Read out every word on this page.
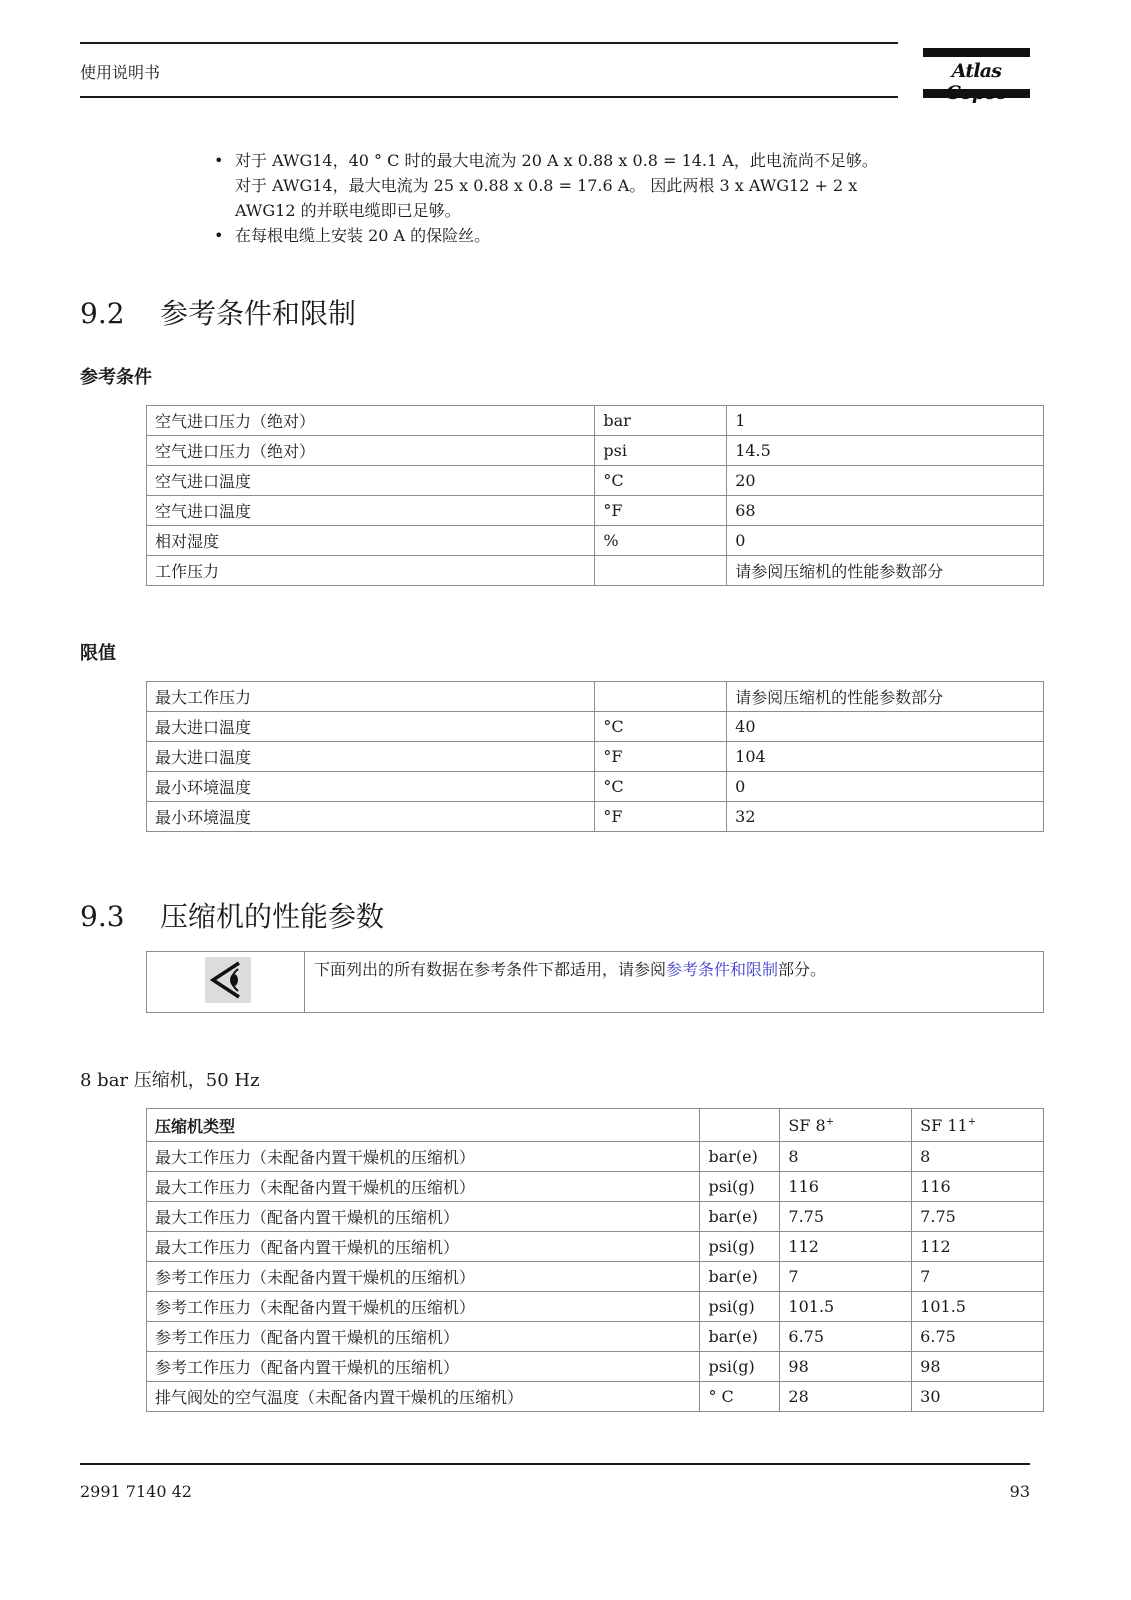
使用说明书	Atlas
• 对于 AWG14，40 ° C 时的最大电流为 20 A x 0.88 x 0.8 = 14.1 A，此电流尚不足够。
对于 AWG14，最大电流为 25 x 0.88 x 0.8 = 17.6 A。 因此两根 3 x AWG12 + 2 x
AWG12 的并联电缆即已足够。
• 在每根电缆上安装 20 A 的保险丝。
9.2	参考条件和限制
参考条件
空气进口压力（绝对）	bar	1
空气进口压力（绝对）	psi	14.5
空气进口温度	°C	20
空气进口温度	°F	68
相对湿度	%	0
工作压力		请参阅压缩机的性能参数部分
限值
最大工作压力		请参阅压缩机的性能参数部分
最大进口温度	°C	40
最大进口温度	°F	104
最小环境温度	°C	0
最小环境温度	°F	32
9.3	压缩机的性能参数
下面列出的所有数据在参考条件下都适用，请参阅参考条件和限制部分。
8 bar 压缩机，50 Hz
压缩机类型		SF 8+	SF 11+
最大工作压力（未配备内置干燥机的压缩机）	bar(e)	8	8
最大工作压力（未配备内置干燥机的压缩机）	psi(g)	116	116
最大工作压力（配备内置干燥机的压缩机）	bar(e)	7.75	7.75
最大工作压力（配备内置干燥机的压缩机）	psi(g)	112	112
参考工作压力（未配备内置干燥机的压缩机）	bar(e)	7	7
参考工作压力（未配备内置干燥机的压缩机）	psi(g)	101.5	101.5
参考工作压力（配备内置干燥机的压缩机）	bar(e)	6.75	6.75
参考工作压力（配备内置干燥机的压缩机）	psi(g)	98	98
排气阀处的空气温度（未配备内置干燥机的压缩机）	° C	28	30
2991 7140 42	93
